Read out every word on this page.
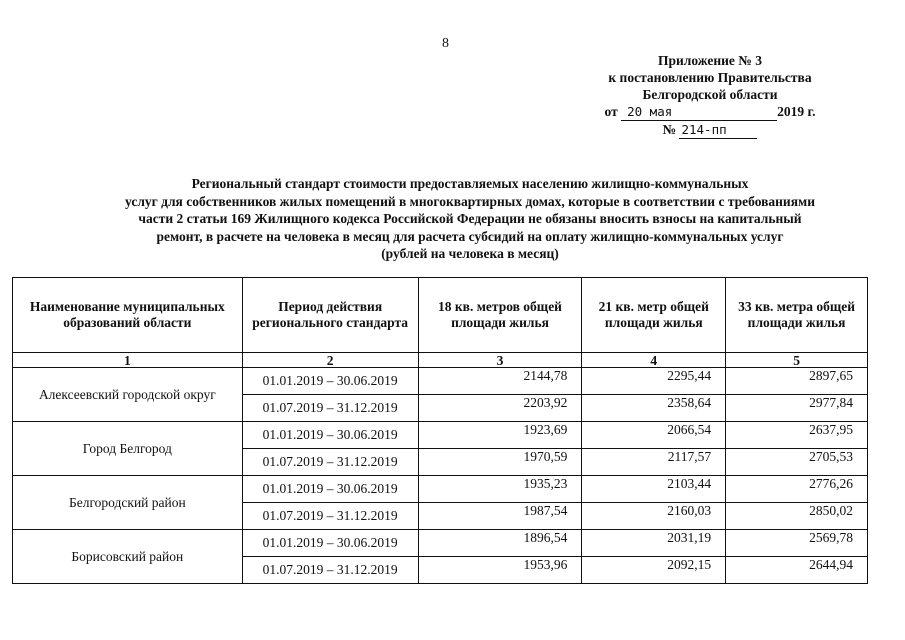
8
Приложение № 3
к постановлению Правительства
Белгородской области
от 20 мая	2019 г.
№ 214-пп
Региональный стандарт стоимости предоставляемых населению жилищно-коммунальных
услуг для собственников жилых помещений в многоквартирных домах, которые в соответствии с требованиями
части 2 статьи 169 Жилищного кодекса Российской Федерации не обязаны вносить взносы на капитальный
ремонт, в расчете на человека в месяц для расчета субсидий на оплату жилищно-коммунальных услуг
(рублей на человека в месяц)
Наименование муниципальных образований области	Период действия регионального стандарта	18 кв. метров общей площади жилья	21 кв. метр общей площади жилья	33 кв. метра общей площади жилья
1	2	3	4	5
Алексеевский городской округ	01.01.2019 – 30.06.2019	2144,78	2295,44	2897,65
	01.07.2019 – 31.12.2019	2203,92	2358,64	2977,84
Город Белгород	01.01.2019 – 30.06.2019	1923,69	2066,54	2637,95
	01.07.2019 – 31.12.2019	1970,59	2117,57	2705,53
Белгородский район	01.01.2019 – 30.06.2019	1935,23	2103,44	2776,26
	01.07.2019 – 31.12.2019	1987,54	2160,03	2850,02
Борисовский район	01.01.2019 – 30.06.2019	1896,54	2031,19	2569,78
	01.07.2019 – 31.12.2019	1953,96	2092,15	2644,94
